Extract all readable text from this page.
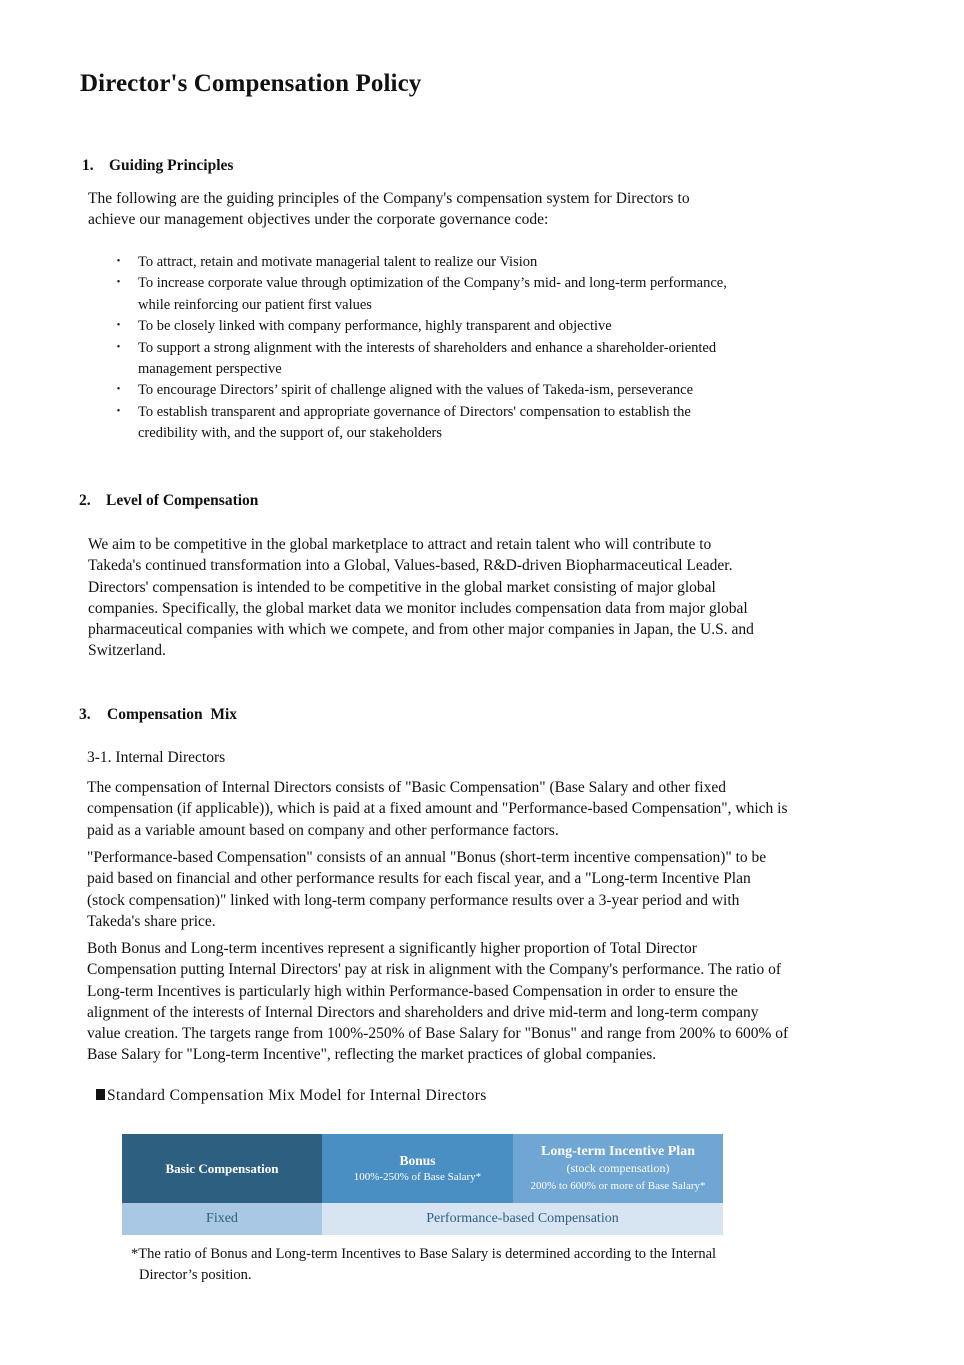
Director's Compensation Policy
1. Guiding Principles
The following are the guiding principles of the Company's compensation system for Directors to
achieve our management objectives under the corporate governance code:
・ To attract, retain and motivate managerial talent to realize our Vision
・ To increase corporate value through optimization of the Company’s mid- and long-term performance,
while reinforcing our patient first values
・ To be closely linked with company performance, highly transparent and objective
・ To support a strong alignment with the interests of shareholders and enhance a shareholder-oriented
management perspective
・ To encourage Directors’ spirit of challenge aligned with the values of Takeda-ism, perseverance
・ To establish transparent and appropriate governance of Directors' compensation to establish the
credibility with, and the support of, our stakeholders
2. Level of Compensation
We aim to be competitive in the global marketplace to attract and retain talent who will contribute to
Takeda's continued transformation into a Global, Values-based, R&D-driven Biopharmaceutical Leader.
Directors' compensation is intended to be competitive in the global market consisting of major global
companies. Specifically, the global market data we monitor includes compensation data from major global
pharmaceutical companies with which we compete, and from other major companies in Japan, the U.S. and
Switzerland.
3. Compensation  Mix
3-1. Internal Directors
The compensation of Internal Directors consists of "Basic Compensation" (Base Salary and other fixed
compensation (if applicable)), which is paid at a fixed amount and "Performance-based Compensation", which is
paid as a variable amount based on company and other performance factors.
"Performance-based Compensation" consists of an annual "Bonus (short-term incentive compensation)" to be
paid based on financial and other performance results for each fiscal year, and a "Long-term Incentive Plan
(stock compensation)" linked with long-term company performance results over a 3-year period and with
Takeda's share price.
Both Bonus and Long-term incentives represent a significantly higher proportion of Total Director
Compensation putting Internal Directors' pay at risk in alignment with the Company's performance. The ratio of
Long-term Incentives is particularly high within Performance-based Compensation in order to ensure the
alignment of the interests of Internal Directors and shareholders and drive mid-term and long-term company
value creation. The targets range from 100%-250% of Base Salary for "Bonus" and range from 200% to 600% of
Base Salary for "Long-term Incentive", reflecting the market practices of global companies.
Standard Compensation Mix Model for Internal Directors
Basic Compensation
Bonus
100%-250% of Base Salary*
Long-term Incentive Plan
(stock compensation)
200% to 600% or more of Base Salary*
Fixed	Performance-based Compensation
*The ratio of Bonus and Long-term Incentives to Base Salary is determined according to the Internal
Director’s position.
